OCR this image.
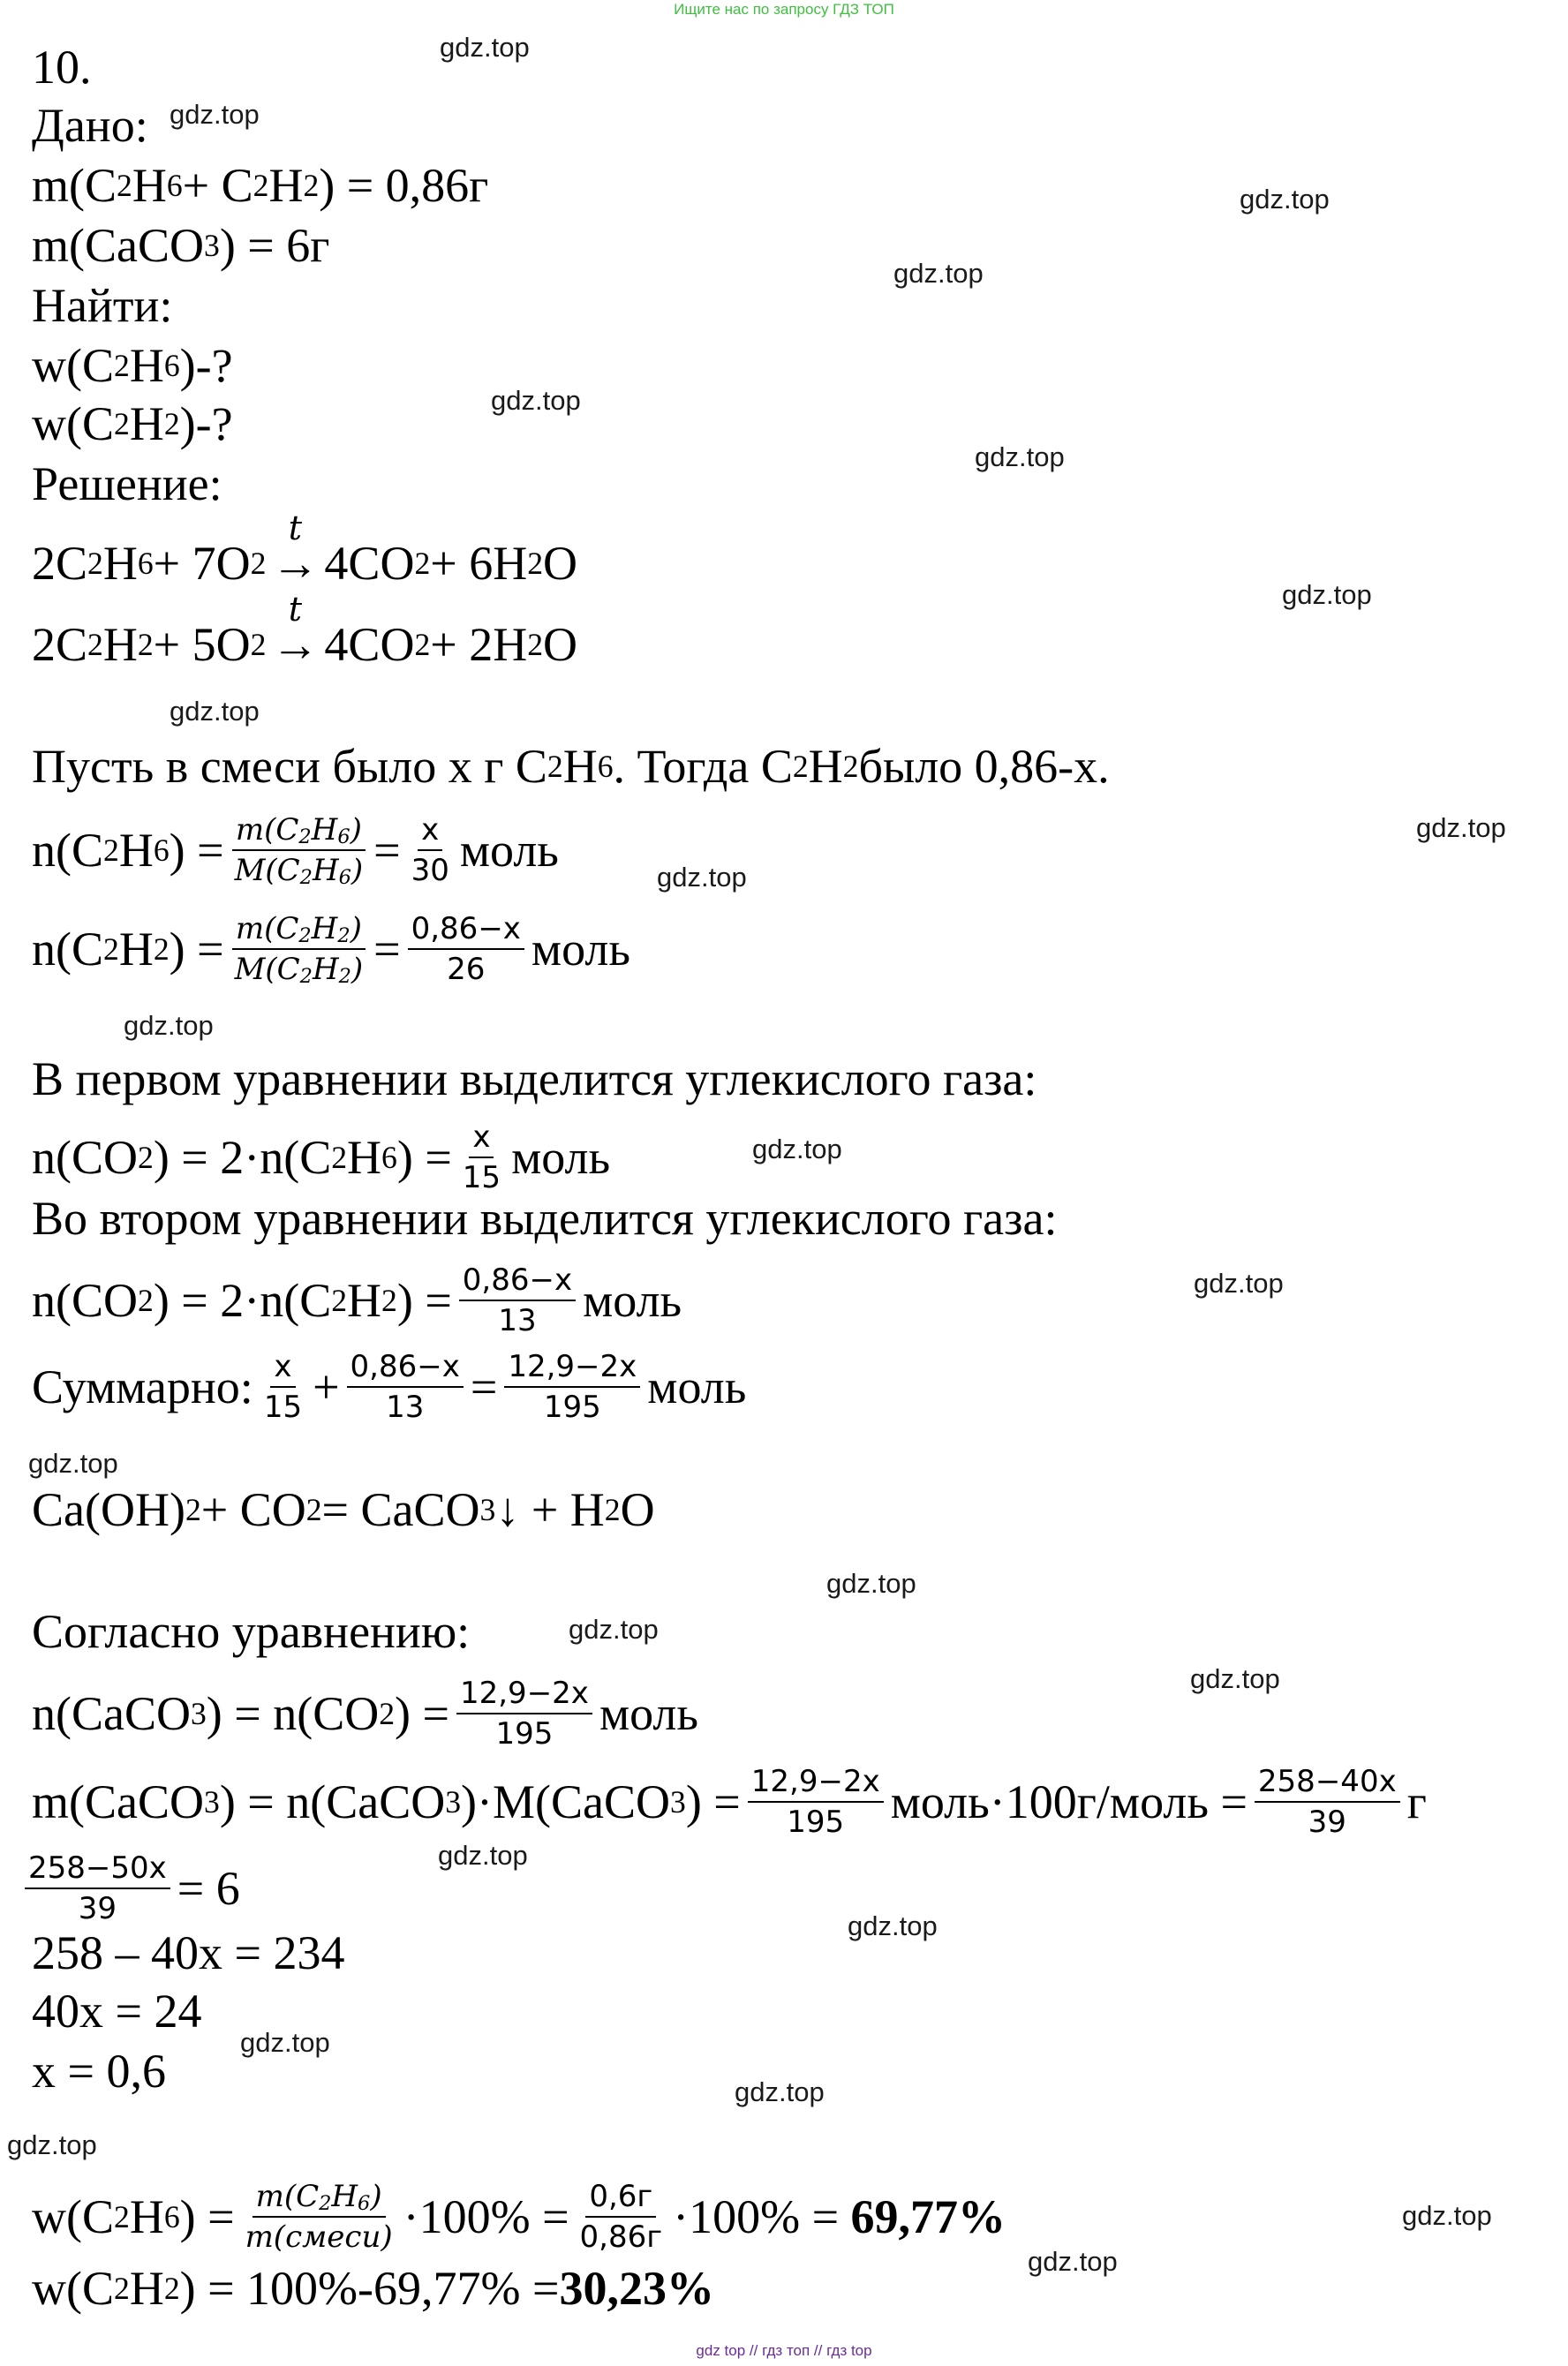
Ищите нас по запросу ГДЗ ТОП
gdz.top
gdz.top
gdz.top
gdz.top
gdz.top
gdz.top
gdz.top
gdz.top
gdz.top
gdz.top
gdz.top
gdz.top
gdz.top
gdz.top
gdz.top
gdz.top
gdz.top
gdz.top
gdz.top
gdz.top
gdz.top
gdz.top
gdz.top
gdz.top
10.
Дано:
m(C 2 H 6 + C 2 H 2 ) = 0,86г
m(CaCO 3 ) = 6г
Найти:
w(C 2 H 6 )-?
w(C 2 H 2 )-?
Решение:
2C 2 H 6 + 7O 2
t
→ 4CO 2 + 6H 2 O
2C 2 H 2 + 5O 2
t
→ 4CO 2 + 2H 2 O
Пусть в смеси было х г C 2 H 6 . Тогда C 2 H 2 было 0,86-х.
n(C 2 H 6 ) = $\frac{m(C_2H_6)}{M(C_2H_6)} = \frac{x}{30}$ моль
n(C 2 H 2 ) = $\frac{m(C_2H_2)}{M(C_2H_2)} = \frac{0,86-х}{26}$ моль
В первом уравнении выделится углекислого газа:
n(CO 2 ) = 2·n(C 2 H 6 ) = $\frac{x}{15}$ моль
Во втором уравнении выделится углекислого газа:
n(CO 2 ) = 2·n(C 2 H 2 ) = $\frac{0,86-х}{13}$ моль
Суммарно: $\frac{х}{15} + \frac{0,86-х}{13} = \frac{12,9-2х}{195}$ моль
Ca(OH) 2 + CO 2 = CaCO 3 ↓ + H 2 O
Согласно уравнению:
n(CaCO 3 ) = n(CO 2 ) = $\frac{12,9-2х}{195}$ моль
m(CaCO 3 ) = n(CaCO 3 )·M(CaCO 3 ) = $\frac{12,9-2х}{195}$ моль ·100г/ моль = $\frac{258-40х}{39}$ г
$\frac{258-50х}{39} = 6$
258 – 40х = 234
40х = 24
х = 0,6
w(C 2 H 6 ) = $\frac{m(C_2H_6)}{\text{m(смеси)}} \cdot 100\% = \frac{0,6г}{0,86г} \cdot 100\% = 69,77\%$
w(C 2 H 2 ) = 100%-69,77% = 30,23%
gdz top // гдз топ // гдз top
